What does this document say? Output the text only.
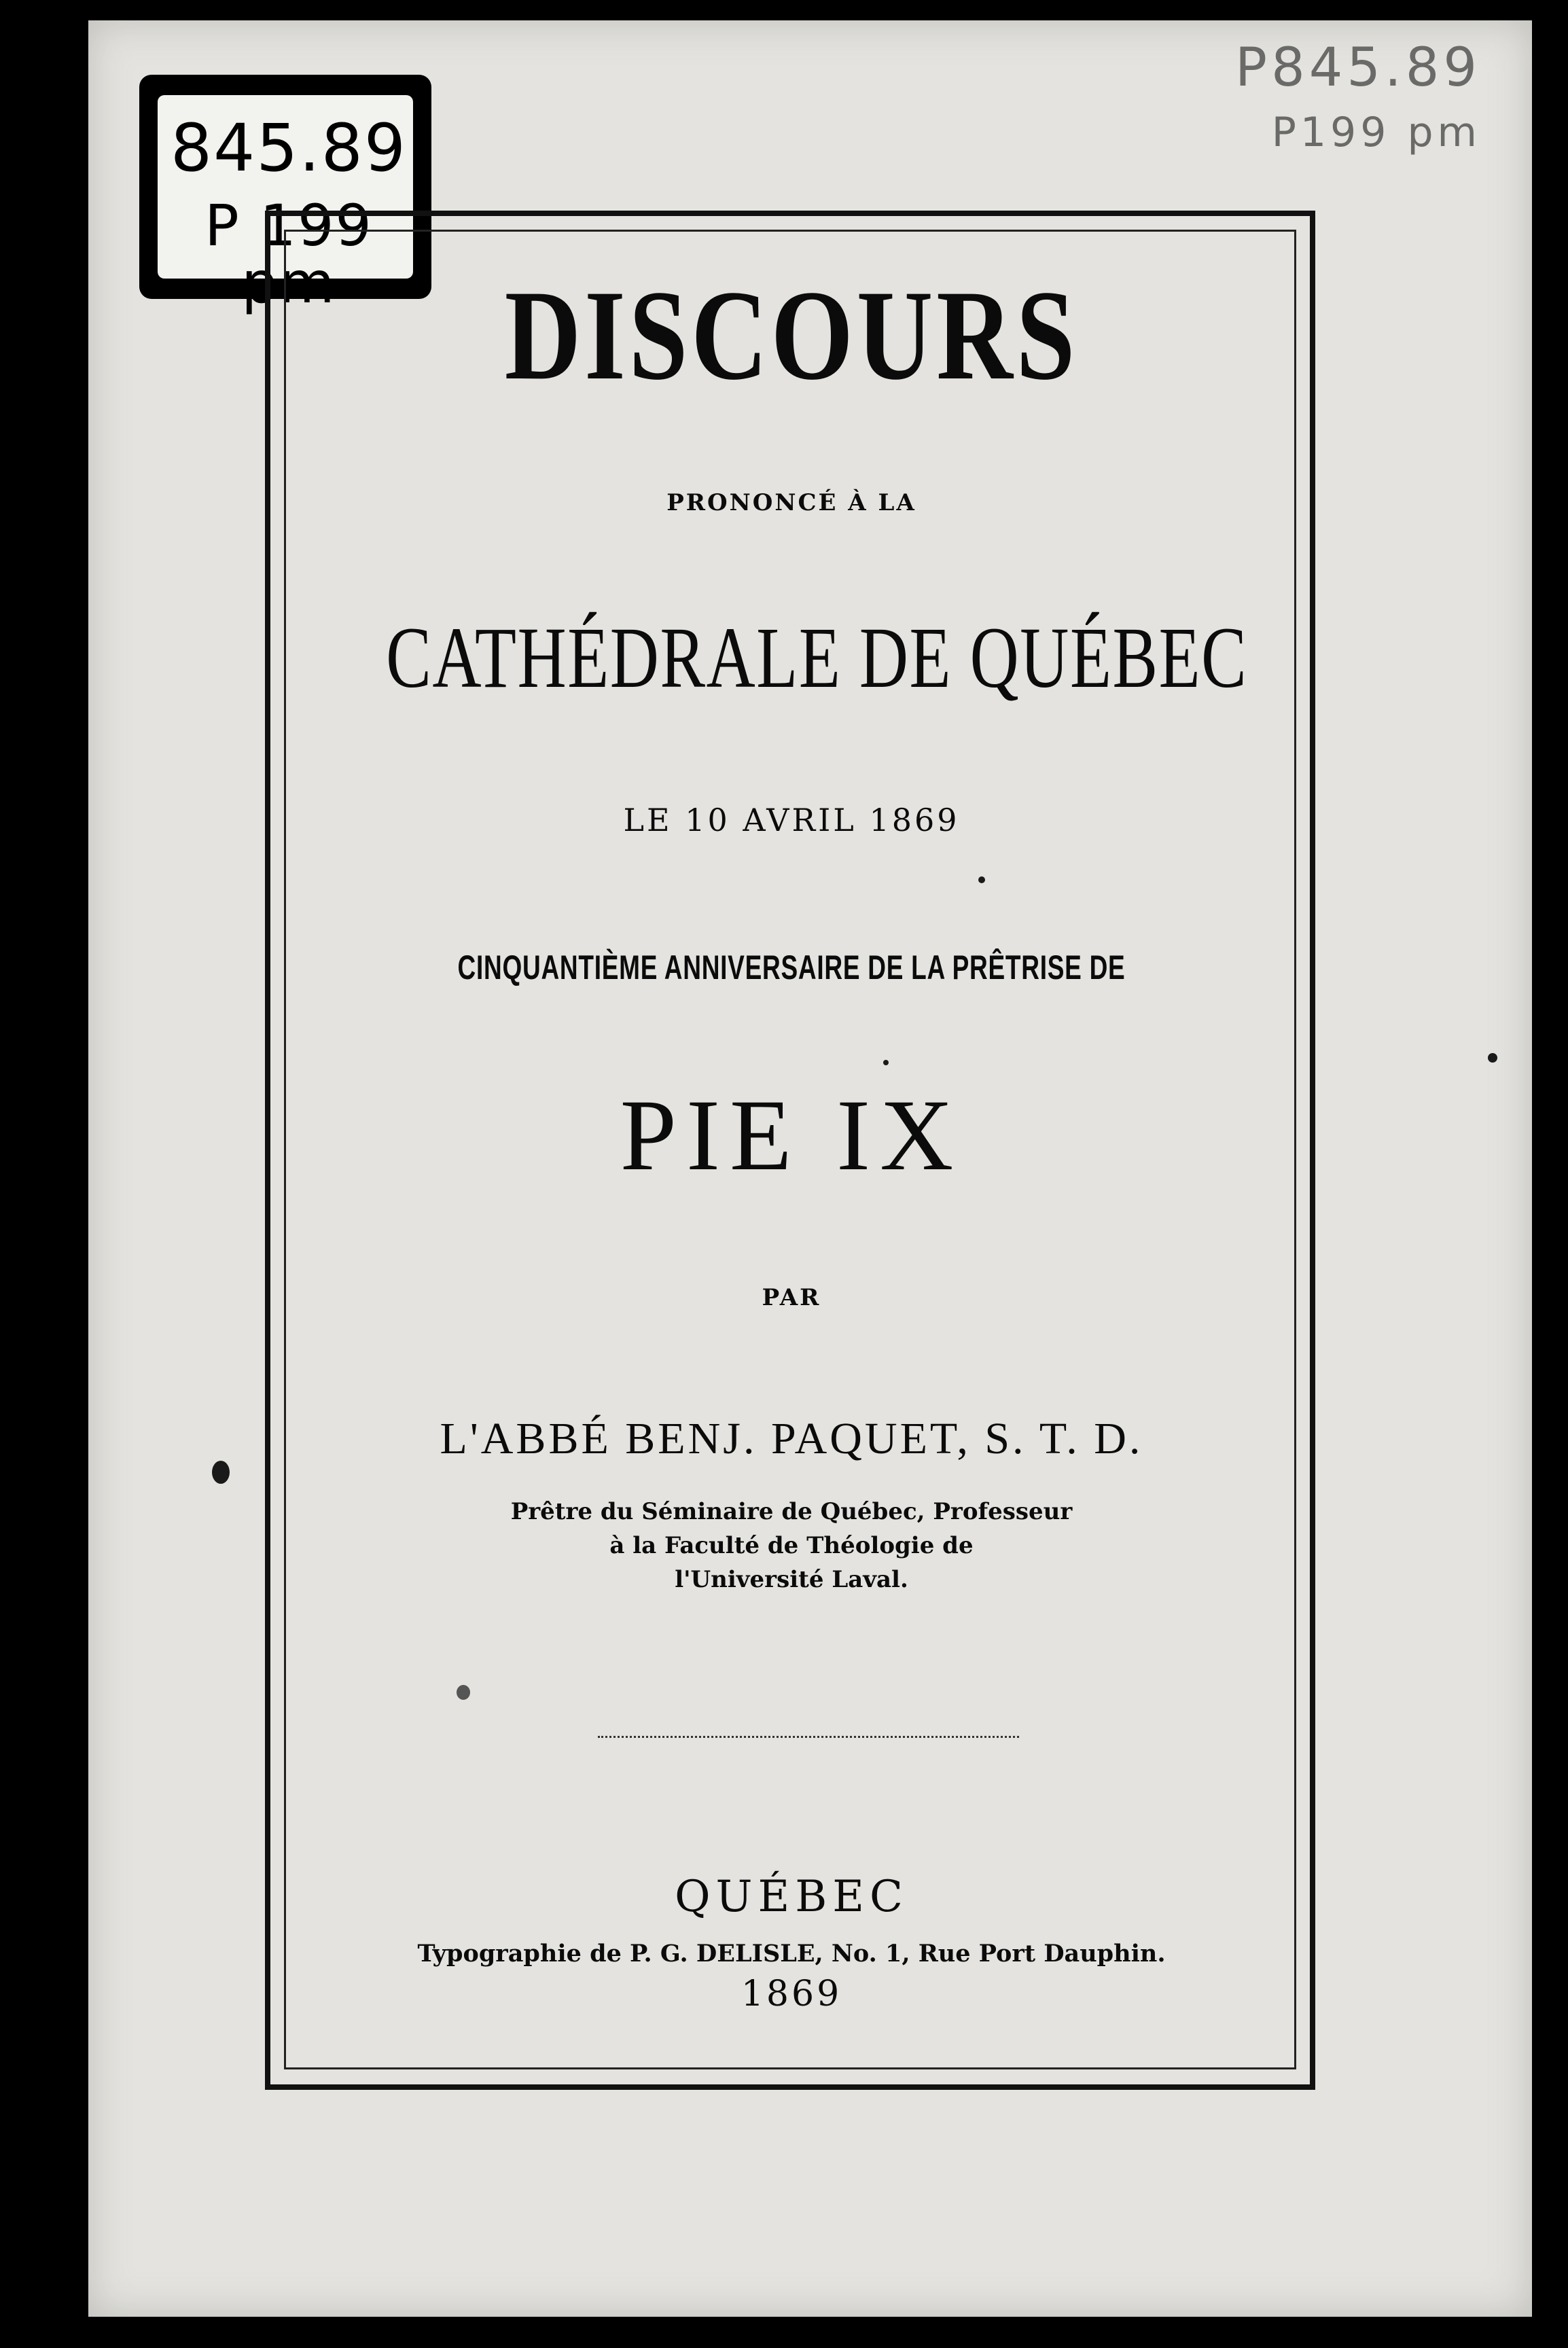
P845.89
P199 pm
845.89
P 199 pm	DISCOURS

PRONONCÉ À LA

CATHÉDRALE DE QUÉBEC

LE 10 AVRIL 1869

CINQUANTIÈME ANNIVERSAIRE DE LA PRÊTRISE DE

PIE IX

PAR

L'ABBÉ BENJ. PAQUET, S. T. D.

Prêtre du Séminaire de Québec, Professeur

à la Faculté de Théologie de

l'Université Laval.

QUÉBEC

Typographie de P. G. DELISLE, No. 1, Rue Port Dauphin.

1869
